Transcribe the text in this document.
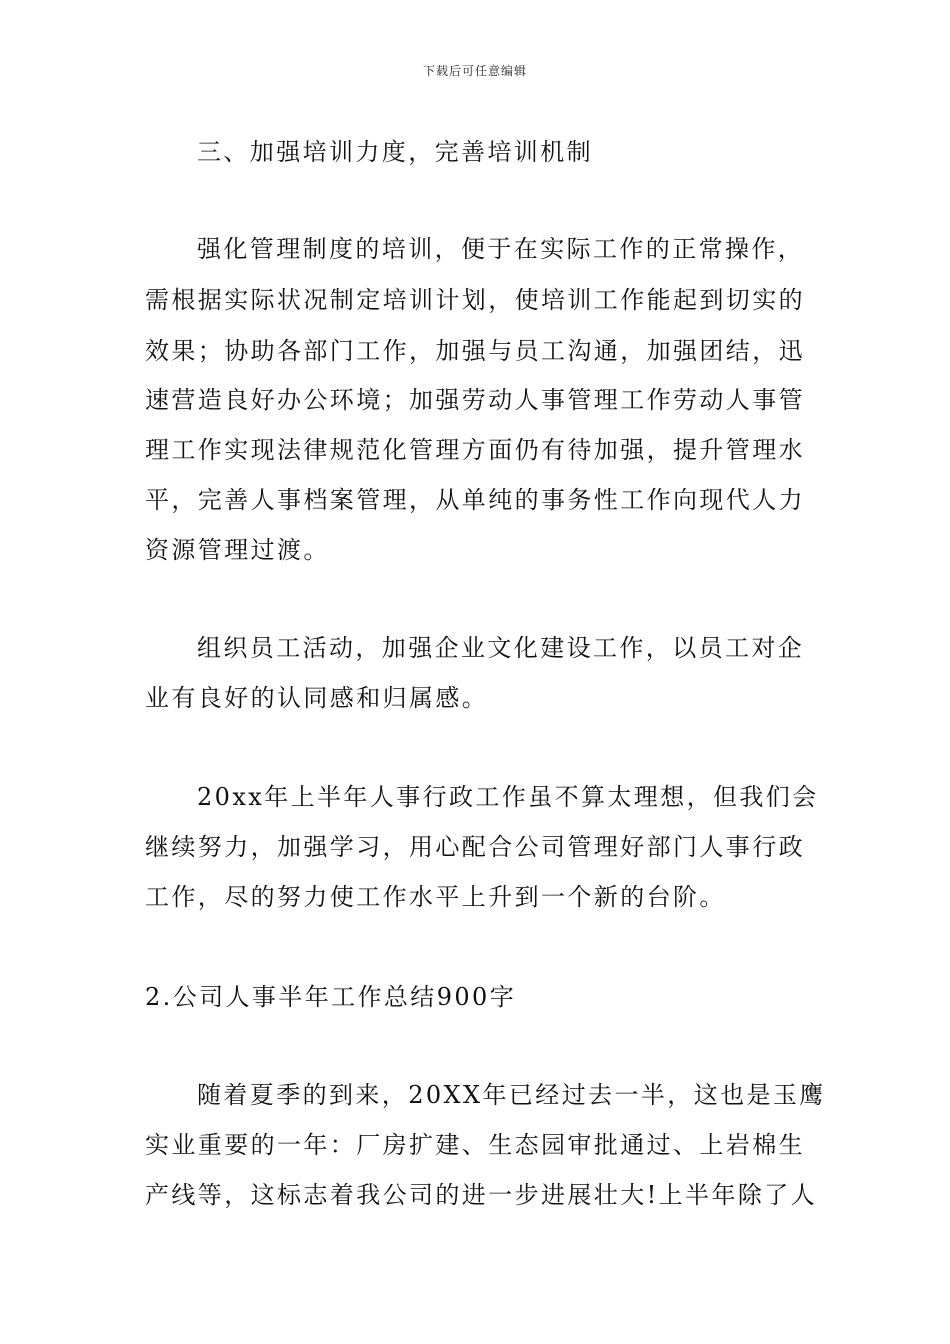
下载后可任意编辑
三、加强培训力度，完善培训机制
强化管理制度的培训，便于在实际工作的正常操作，
需根据实际状况制定培训计划，使培训工作能起到切实的
效果；协助各部门工作，加强与员工沟通，加强团结，迅
速营造良好办公环境；加强劳动人事管理工作劳动人事管
理工作实现法律规范化管理方面仍有待加强，提升管理水
平，完善人事档案管理，从单纯的事务性工作向现代人力
资源管理过渡。
组织员工活动，加强企业文化建设工作，以员工对企
业有良好的认同感和归属感。
20xx年上半年人事行政工作虽不算太理想，但我们会
继续努力，加强学习，用心配合公司管理好部门人事行政
工作，尽的努力使工作水平上升到一个新的台阶。
2.公司人事半年工作总结900字
随着夏季的到来，20XX年已经过去一半，这也是玉鹰
实业重要的一年：厂房扩建、生态园审批通过、上岩棉生
产线等，这标志着我公司的进一步进展壮大!上半年除了人
